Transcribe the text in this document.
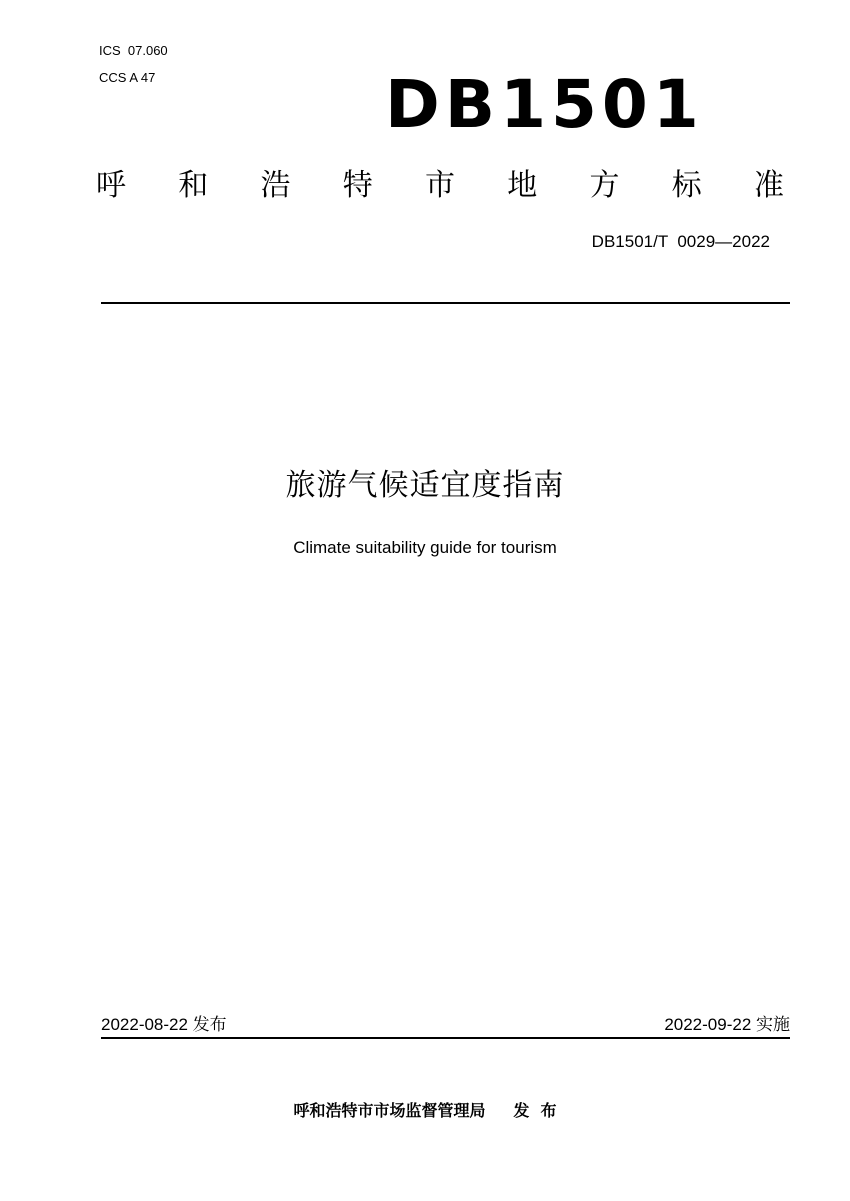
ICS  07.060
CCS A 47	DB1501
呼 和 浩 特 市 地 方 标 准
DB1501/T  0029—2022
旅游气候适宜度指南
Climate suitability guide for tourism
2022-08-22 发布	2022-09-22 实施
呼和浩特市市场监督管理局     发  布
